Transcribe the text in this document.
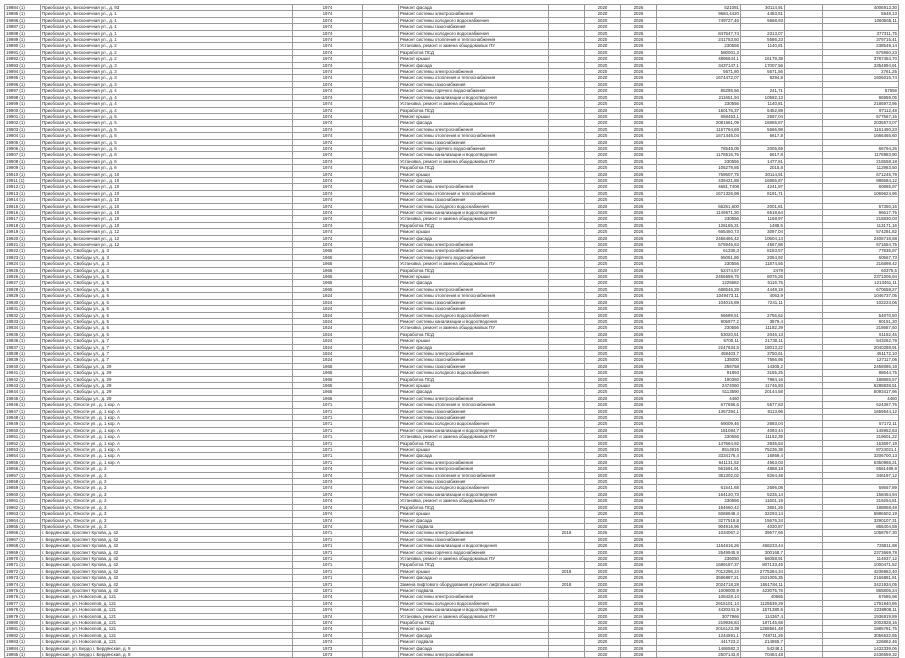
19984 (1)	Приобская ул., Бесконечная ул., д. 93	1974		Ремонт фасада		2020	2026	521081	30114,91		4006913,30
19985 (1)	Приобская ул., Бесконечная ул., д. 1	1974		Ремонт системы электроснабжения		2020	2026	9684,4420	4483,51		5648,13
19986 (1)	Приобская ул., Бесконечная ул., д. 1	1974		Ремонт системы холодного водоснабжения		2020	2026	749727,46	5668,93		1060565,11
19987 (1)	Приобская ул., Бесконечная ул., д. 1	1974		Ремонт системы газоснабжения		2020	2026				
19988 (1)	Приобская ул., Бесконечная ул., д. 1	1974		Ремонт системы холодного водоснабжения		2020	2026	847547,74	2313,07		377311,75
19989 (1)	Приобская ул., Бесконечная ул., д. 1	1974		Ремонт системы отопления и теплоснабжения		2020	2026	241753,50	5586,23		379715,41
19990 (1)	Приобская ул., Бесконечная ул., д. 2	1974		Установка, ремонт и замена общедомовых ПУ		2020	2026	230556	1140,81		238549,14
19991 (1)	Приобская ул., Бесконечная ул., д. 2	1974		Разработка ПСД		2020	2026	580001,3			575960,23
19992 (1)	Приобская ул., Бесконечная ул., д. 2	1974		Ремонт крыши		2020	2026	4896644,1	16179,38		3787454,70
19993 (1)	Приобская ул., Бесконечная ул., д. 3	1974		Ремонт фасада		2020	2026	3437147,1	17007,56		3354994,91
19994 (1)	Приобская ул., Бесконечная ул., д. 3	1974		Ремонт системы электроснабжения		2020	2026	5671,80	5671,56		2761,25
19995 (1)	Приобская ул., Бесконечная ул., д. 3	1974		Ремонт системы отопления и теплоснабжения		2020	2026	1674472,07	8294,8		1606015,74
19996 (1)	Приобская ул., Бесконечная ул., д. 3	1974		Ремонт системы газоснабжения		2020	2026				
19997 (1)	Приобская ул., Бесконечная ул., д. 4	1974		Ремонт системы горячего водоснабжения		2020	2026	85295,56	241,71		57559
19998 (1)	Приобская ул., Бесконечная ул., д. 4	1974		Ремонт системы канализации и водоотведения		2020	2026	211651,94	10582,13		96959,05
19999 (1)	Приобская ул., Бесконечная ул., д. 4	1974		Установка, ремонт и замена общедомовых ПУ		2020	2026	230556	1140,81		2186973,95
19900 (1)	Приобская ул., Бесконечная ул., д. 4	1974		Разработка ПСД		2020	2026	160176,37	5452,89		97112,48
19901 (1)	Приобская ул., Бесконечная ул., д. 5	1974		Ремонт крыши		2020	2026	658453,1	2597,04		577567,15
19902 (1)	Приобская ул., Бесконечная ул., д. 5	1974		Ремонт фасада		2020	2026	2081661,09	16865,87		2035573,07
19903 (1)	Приобская ул., Бесконечная ул., д. 5	1974		Ремонт системы электроснабжения		2020	2026	1167794,69	5666,98		1161460,23
19904 (1)	Приобская ул., Бесконечная ул., д. 5	1974		Ремонт системы отопления и теплоснабжения		2020	2026	1671446,04	6617,8		1666465,60
19905 (1)	Приобская ул., Бесконечная ул., д. 5	1974		Ремонт системы газоснабжения		2020	2026				
19906 (1)	Приобская ул., Бесконечная ул., д. 6	1974		Ремонт системы горячего водоснабжения		2020	2026	78549,05	2005,69		66794,26
19907 (1)	Приобская ул., Бесконечная ул., д. 6	1974		Ремонт системы канализации и водоотведения		2020	2026	1178516,76	6617,8		1178983,90
19908 (1)	Приобская ул., Бесконечная ул., д. 6	1974		Установка, ремонт и замена общедомовых ПУ		2020	2026	230556	1477,61		216558,18
19909 (1)	Приобская ул., Бесконечная ул., д. 6	1974		Разработка ПСД		2020	2026	106279,85	2015,8		112983,50
19910 (1)	Приобская ул., Бесконечная ул., д. 10	1974		Ремонт крыши		2020	2026	759507,75	30114,91		671245,79
19911 (1)	Приобская ул., Бесконечная ул., д. 10	1974		Ремонт фасада		2020	2026	439421,88	16865,87		886584,12
19912 (1)	Приобская ул., Бесконечная ул., д. 10	1974		Ремонт системы электроснабжения		2020	2026	4681,7408	4241,97		60885,97
19913 (1)	Приобская ул., Бесконечная ул., д. 10	1974		Ремонт системы отопления и теплоснабжения		2020	2026	1671326,98	8191,71		1069624,96
19914 (1)	Приобская ул., Бесконечная ул., д. 10	1974		Ремонт системы газоснабжения		2020	2026				
19915 (1)	Приобская ул., Бесконечная ул., д. 10	1974		Ремонт системы холодного водоснабжения		2020	2026	66251,600	2001,81		57350,15
19916 (1)	Приобская ул., Бесконечная ул., д. 10	1974		Ремонт системы канализации и водоотведения		2020	2026	1149571,30	6618,64		96617,75
19917 (1)	Приобская ул., Бесконечная ул., д. 10	1974		Установка, ремонт и замена общедомовых ПУ		2020	2026	230556	1168,97		215830,03
19918 (1)	Приобская ул., Бесконечная ул., д. 10	1974		Разработка ПСД		2020	2026	126185,31	1488,5		113171,16
19919 (1)	Приобская ул., Бесконечная ул., д. 12	1974		Ремонт крыши		2020	2026	665460,73	3097,04		574291,82
19920 (1)	Приобская ул., Бесконечная ул., д. 12	1974		Ремонт фасада		2020	2026	2466466,42	10604,14		2408718,68
19921 (1)	Приобская ул., Бесконечная ул., д. 12	1974		Ремонт системы электроснабжения		2020	2026	675945,63	4567,86		671654,75
19922 (1)	Приобская ул., Свободы ул., д. 3	1965		Ремонт системы электроснабжения		2020	2026	61330,3	8163,57		77835,97
19923 (1)	Приобская ул., Свободы ул., д. 3	1965		Ремонт системы горячего водоснабжения		2020	2026	65051,86	2064,92		60567,73
19924 (1)	Приобская ул., Свободы ул., д. 3	1965		Установка, ремонт и замена общедомовых ПУ		2020	2026	230556	11874,55		216898,42
19925 (1)	Приобская ул., Свободы ул., д. 3	1965		Разработка ПСД		2020	2026	62474,57	2479		60375,5
19926 (1)	Приобская ул., Свободы ул., д. 5	1965		Ремонт крыши		2020	2026	2456659,75	8076,26		2371006,94
19927 (1)	Приобская ул., Свободы ул., д. 5	1965		Ремонт фасада		2020	2026	1225682	6116,75		1213461,11
19928 (1)	Приобская ул., Свободы ул., д. 5	1965		Ремонт системы электроснабжения		2020	2026	688546,28	4448,19		670658,27
19929 (1)	Приобская ул., Свободы ул., д. 5	1924		Ремонт системы отопления и теплоснабжения		2020	2026	1049473,11	4063,9		1046737,05
19930 (1)	Приобская ул., Свободы ул., д. 5	1924		Ремонт системы газоснабжения		2020	2026	104015,89	7241,11		102223,06
19931 (1)	Приобская ул., Свободы ул., д. 5	1924		Ремонт системы газоснабжения		2020	2026				
19932 (1)	Приобская ул., Свободы ул., д. 5	1924		Ремонт системы холодного водоснабжения		2020	2026	56689,51	2756,62		54870,50
19933 (1)	Приобская ул., Свободы ул., д. 5	1924		Ремонт системы канализации и водоотведения		2020	2026	905977,2	3879,4		90151,20
19934 (1)	Приобская ул., Свободы ул., д. 5	1924		Установка, ремонт и замена общедомовых ПУ		2020	2026	230556	11182,39		218687,60
19935 (1)	Приобская ул., Свободы ул., д. 5	1924		Разработка ПСД		2020	2026	63020,51	2046,13		61182,45
19936 (1)	Приобская ул., Свободы ул., д. 7	1924		Ремонт крыши		2020	2026	5700,11	21730,11		543262,79
19937 (1)	Приобская ул., Свободы ул., д. 7	1924		Ремонт фасада		2020	2026	2247634,5	18013,22		2040268,91
19938 (1)	Приобская ул., Свободы ул., д. 7	1924		Ремонт системы электроснабжения		2020	2026	458403,7	3750,61		451172,10
19939 (1)	Приобская ул., Свободы ул., д. 7	1924		Ремонт системы газоснабжения		2020	2026	135000	7566,95		127117,06
19940 (1)	Приобская ул., Свободы ул., д. 29	1965		Ремонт системы газоснабжения		2020	2026	256758	14305,2		2468086,19
19941 (1)	Приобская ул., Свободы ул., д. 29	1965		Ремонт системы холодного водоснабжения		2020	2026	91893	3155,25		88644,75
19942 (1)	Приобская ул., Свободы ул., д. 29	1965		Разработка ПСД		2020	2026	190360	7984,16		188865,57
19943 (1)	Приобская ул., Свободы ул., д. 29	1965		Ремонт крыши		2020	2026	2474060	11746,93		6288838,51
19944 (1)	Приобская ул., Свободы ул., д. 29	1965		Ремонт фасада		2020	2026	5113590	20144,58		5093417,96
19945 (1)	Приобская ул., Свободы ул., д. 29	1965		Ремонт системы электроснабжения		2020	2026	4460			4460
19946 (1)	Приобская ул., Юности ул., д. 1 кор. А	1971		Ремонт системы отопления и теплоснабжения		2020	2026	677656,6	5577,83		624367,75
19947 (1)	Приобская ул., Юности ул., д. 1 кор. А	1971		Ремонт системы газоснабжения		2020	2026	1367394,1	8113,96		1659544,12
19948 (1)	Приобская ул., Юности ул., д. 1 кор. А	1971		Ремонт системы газоснабжения		2020	2026				
19949 (1)	Приобская ул., Юности ул., д. 1 кор. А	1971		Ремонт системы холодного водоснабжения		2020	2026	69009,46	2693,04		57172,11
19950 (1)	Приобская ул., Юности ул., д. 1 кор. А	1971		Ремонт системы канализации и водоотведения		2020	2026	181084,7	4093,44		145952,63
19951 (1)	Приобская ул., Юности ул., д. 1 кор. А	1971		Установка, ремонт и замена общедомовых ПУ		2020	2026	230556	11182,39		219601,22
19952 (1)	Приобская ул., Юности ул., д. 1 кор. А	1971		Разработка ПСД		2020	2026	147664,92	3935,53		153697,19
19953 (1)	Приобская ул., Юности ул., д. 1 кор. А	1971		Ремонт крыши		2020	2026	8514915	75236,38		8724021,1
19954 (1)	Приобская ул., Юности ул., д. 1 кор. А	1971		Ремонт фасада		2020	2026	3334176,4	16869,4		3206700,13
19955 (1)	Приобская ул., Юности ул., д. 1 кор. А	1971		Ремонт системы электроснабжения		2020	2026	641131,52	4563,03		6350968,21
19956 (1)	Приобская ул., Юности ул., д. 3	1974		Ремонт системы электроснабжения		2020	2026	661591,91	4888,18		6561489,9
19957 (1)	Приобская ул., Юности ул., д. 3	1974		Ремонт системы отопления и теплоснабжения		2020	2026	361302,02	8264,48		346197,12
19958 (1)	Приобская ул., Юности ул., д. 3	1974		Ремонт системы газоснабжения		2020	2026				
19959 (1)	Приобская ул., Юности ул., д. 3	1974		Ремонт системы холодного водоснабжения		2020	2026	61541,68	2596,08		59567,89
19960 (1)	Приобская ул., Юности ул., д. 3	1974		Ремонт системы канализации и водоотведения		2020	2026	164120,73	5235,14		158454,94
19961 (1)	Приобская ул., Юности ул., д. 3	1974		Установка, ремонт и замена общедомовых ПУ		2020	2026	230556	11601,19		219254,81
19962 (1)	Приобская ул., Юности ул., д. 3	1974		Разработка ПСД		2020	2026	194660,42	3651,26		188858,49
19963 (1)	Приобская ул., Юности ул., д. 3	1974		Ремонт крыши		2020	2026	6069948,4	32293,14		5886502,19
19964 (1)	Приобская ул., Юности ул., д. 3	1974		Ремонт фасада		2020	2026	3277519,8	15676,34		3290107,31
19965 (1)	Приобская ул., Юности ул., д. 3	1974		Ремонт подвала		2020	2026	904916,96	4030,87		866404,59
19966 (1)	г. Бердянская, проспект Кулова, д. 42	1971		Ремонт системы электроснабжения	2019	2026	2026	1034067,2	39677,66		1058767,30
19967 (1)	г. Бердянская, проспект Кулова, д. 42	1971		Ремонт системы газоснабжения		2020	2026				
19968 (1)	г. Бердянская, проспект Кулова, д. 42	1971		Ремонт системы канализации и водоотведения		2020	2026	1164616,26	468233,44		725811,88
19969 (1)	г. Бердянская, проспект Кулова, д. 42	1971		Ремонт системы горячего водоснабжения		2020	2026	2549945,9	300168,7		2373669,78
19970 (1)	г. Бердянская, проспект Кулова, д. 42	1971		Установка, ремонт и замена общедомовых ПУ		2020	2026	236050	66058,91		114937,12
19971 (1)	г. Бердянская, проспект Кулова, д. 42	1971		Разработка ПСД		2020	2026	1689187,37	807133,45		1000471,52
19972 (1)	г. Бердянская, проспект Кулова, д. 42	1971		Ремонт крыши	2018	2020	2026	7012296,24	2775284,34		4236962,40
19973 (1)	г. Бердянская, проспект Кулова, д. 42	1971		Ремонт фасада		2020	2026	3596887,21	1531005,35		2166881,81
19974 (1)	г. Бердянская, проспект Кулова, д. 42	1971		Замена лифтового оборудования и ремонт лифтовых шахт	2018	2020	2026	2024718,28	1551784,11		3421934,05
19975 (1)	г. Бердянская, проспект Кулова, д. 42	1971		Ремонт подвала		2020	2026	1009000,9	423075,76		865805,24
19976 (1)	г. Бердянская, ул. Новоселов, д. 121	1974		Ремонт системы электроснабжения		2020	2026	108428,14	40665		67685,98
19977 (1)	г. Бердянская, ул. Новоселов, д. 121	1974		Ремонт системы холодного водоснабжения		2020	2026	2915101,14	1125639,29		1791940,86
19978 (1)	г. Бердянская, ул. Новоселов, д. 121	1974		Ремонт системы канализации и водоотведения		2020	2026	4420241,9	1571380,6		2238908,11
19979 (1)	г. Бердянская, ул. Новоселов, д. 121	1974		Установка, ремонт и замена общедомовых ПУ		2020	2026	3077966	114367,4		1936919,89
19980 (1)	г. Бердянская, ул. Новоселов, д. 121	1974		Разработка ПСД		2020	2026	219936,84	187145,68		2002828,16
19981 (1)	г. Бердянская, ул. Новоселов, д. 121	1974		Ремонт крыши		2020	2026	2016123,38	1268561,48		1885781,75
19982 (1)	г. Бердянская, ул. Новоселов, д. 121	1974		Ремонт фасада		2020	2026	1244591,1	748711,26		3056532,65
19983 (1)	г. Бердянская, ул. Новоселов, д. 121	1974		Ремонт подвала		2020	2026	441723,2	214865,7		226862,46
19984 (1)	г. Бердянская, ул. Бердо г. Бердянская, д. 9	1973		Ремонт фасада		2020	2026	1486582,3	54248,1		1432339,06
19985 (1)	г. Бердянская, ул. Бердо г. Бердянская, д. 9	1973		Ремонт системы электроснабжения		2020	2026	2507143,8	70484,48		2436659,32
